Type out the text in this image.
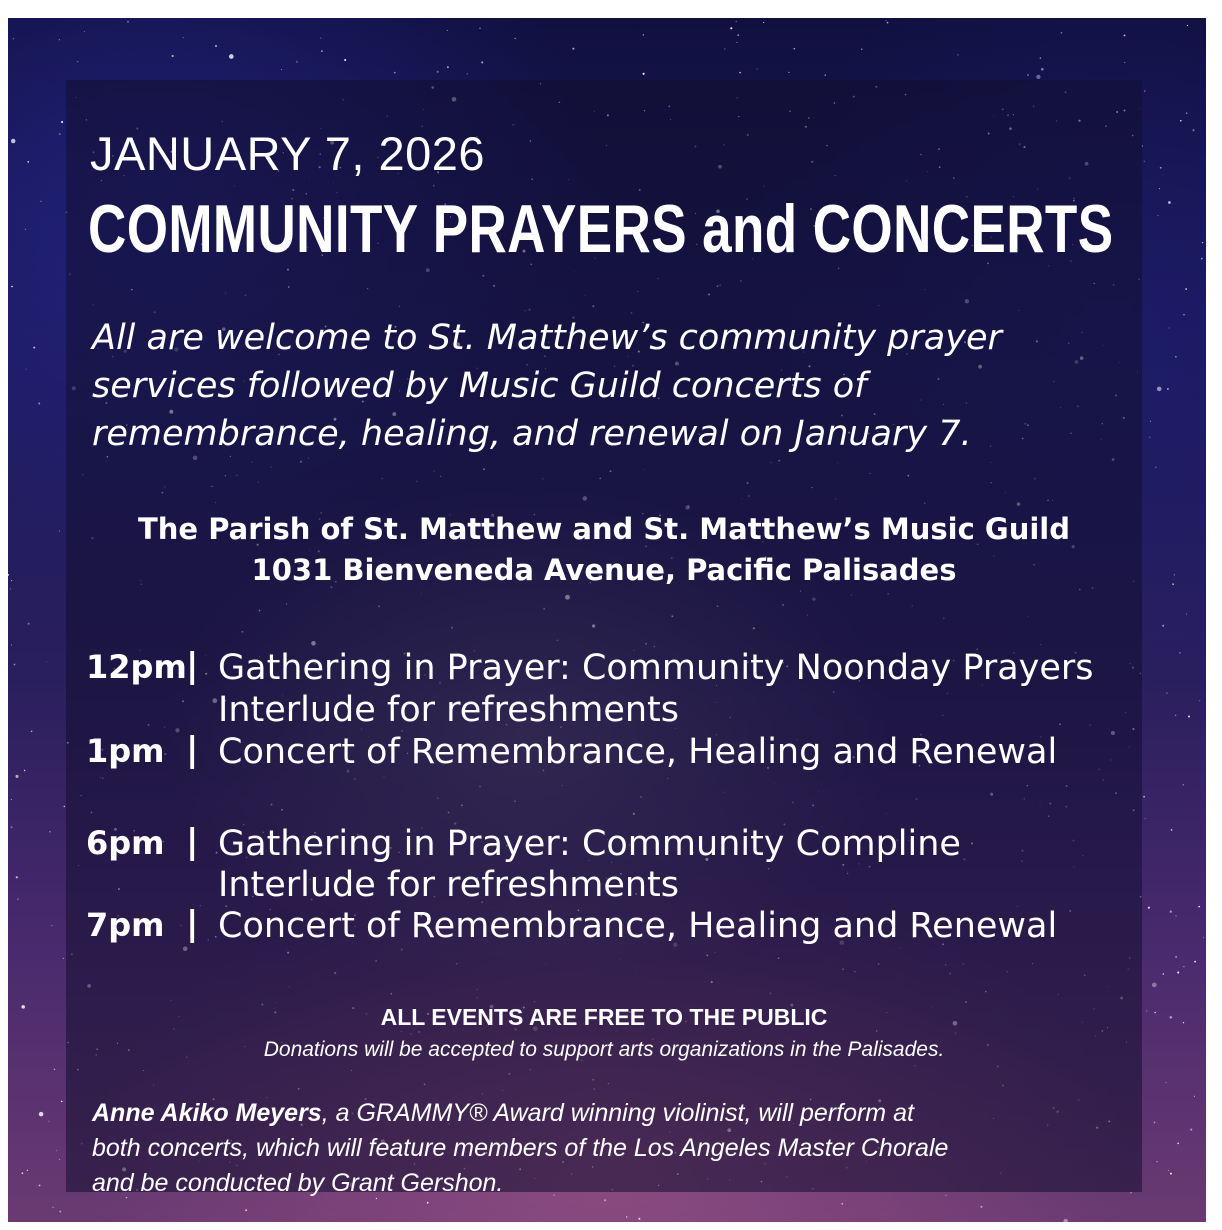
JANUARY 7, 2026

COMMUNITY PRAYERS and CONCERTS

All are welcome to St. Matthew’s community prayer
services followed by Music Guild concerts of
remembrance, healing, and renewal on January 7.

The Parish of St. Matthew and St. Matthew’s Music Guild

1031 Bienveneda Avenue, Pacific Palisades

12pm | Gathering in Prayer: Community Noonday Prayers

Interlude for refreshments

1pm | Concert of Remembrance, Healing and Renewal

6pm | Gathering in Prayer: Community Compline

Interlude for refreshments

7pm | Concert of Remembrance, Healing and Renewal

ALL EVENTS ARE FREE TO THE PUBLIC

Donations will be accepted to support arts organizations in the Palisades.

Anne Akiko Meyers, a GRAMMY® Award winning violinist, will perform at
both concerts, which will feature members of the Los Angeles Master Chorale
and be conducted by Grant Gershon.
